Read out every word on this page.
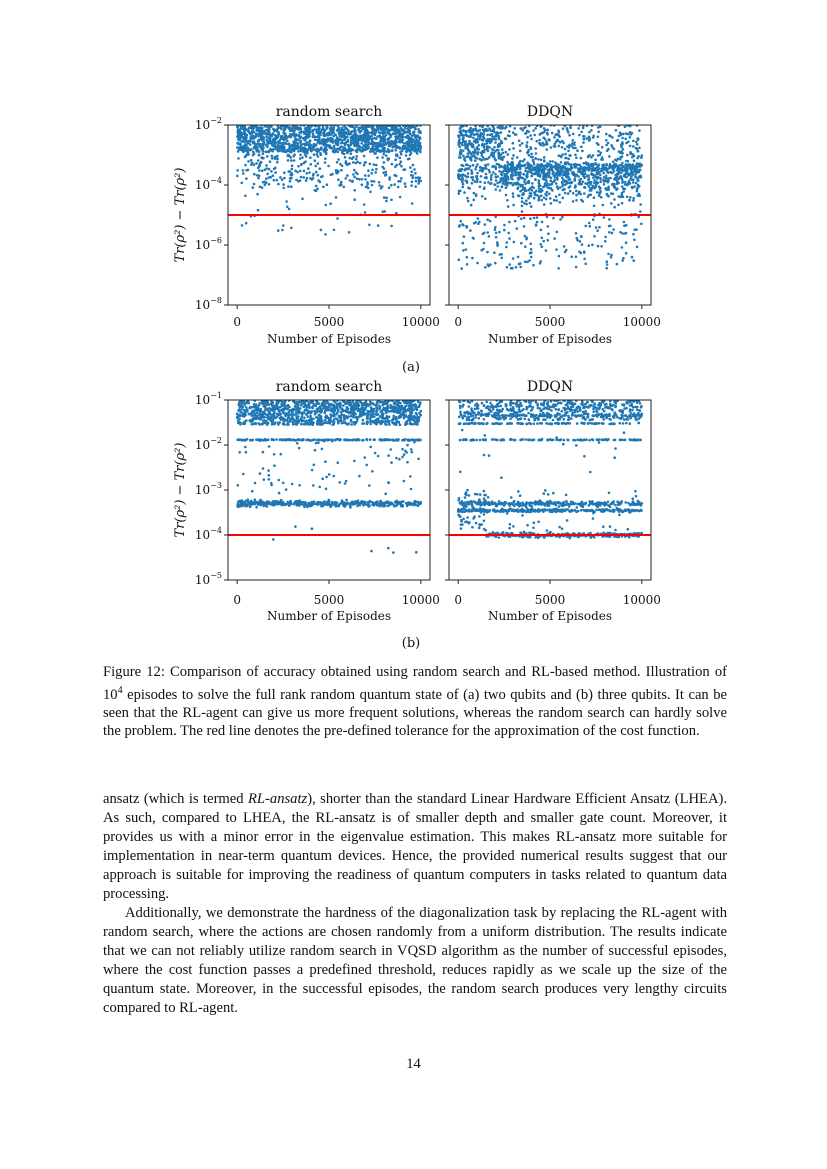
random search
0	5000	10000
Number of Episodes
$10^{-2}$
$10^{-4}$
$10^{-6}$
$10^{-8}$
DDQN
0	5000	10000
Number of Episodes
Tr(ρ²) − Tr(ρ²)
(a)
random search
0	5000	10000
Number of Episodes
$10^{-1}$
$10^{-2}$
$10^{-3}$
$10^{-4}$
$10^{-5}$
DDQN
0	5000	10000
Number of Episodes
Tr(ρ²) − Tr(ρ²)
(b)
Figure 12: Comparison of accuracy obtained using random search and RL-based method. Illustration of $10^4$ episodes to solve the full rank random quantum state of (a) two qubits and (b) three qubits. It can be seen that the RL-agent can give us more frequent solutions, whereas the random search can hardly solve the problem. The red line denotes the pre-defined tolerance for the approximation of the cost function.
ansatz (which is termed RL-ansatz), shorter than the standard Linear Hardware Efficient Ansatz (LHEA). As such, compared to LHEA, the RL-ansatz is of smaller depth and smaller gate count. Moreover, it provides us with a minor error in the eigenvalue estimation. This makes RL-ansatz more suitable for implementation in near-term quantum devices. Hence, the provided numerical results suggest that our approach is suitable for improving the readiness of quantum computers in tasks related to quantum data processing.
Additionally, we demonstrate the hardness of the diagonalization task by replacing the RL-agent with random search, where the actions are chosen randomly from a uniform distribution. The results indicate that we can not reliably utilize random search in VQSD algorithm as the number of successful episodes, where the cost function passes a predefined threshold, reduces rapidly as we scale up the size of the quantum state. Moreover, in the successful episodes, the random search produces very lengthy circuits compared to RL-agent.
14
